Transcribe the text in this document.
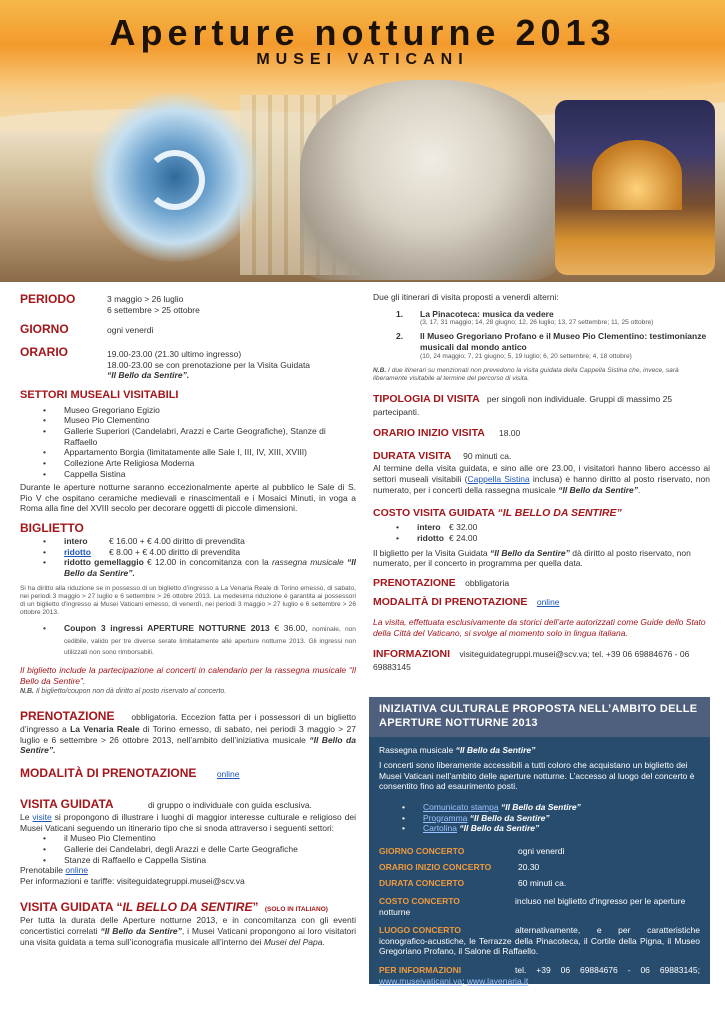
Aperture notturne 2013
MUSEI VATICANI
PERIODO	3 maggio > 26 luglio
6 settembre > 25 ottobre
GIORNO	ogni venerdì
ORARIO	19.00-23.00 (21.30 ultimo ingresso)
18.00-23.00 se con prenotazione per la Visita Guidata
“Il Bello da Sentire”.
SETTORI MUSEALI VISITABILI
• Museo Gregoriano Egizio
• Museo Pio Clementino
• Gallerie Superiori (Candelabri, Arazzi e Carte Geografiche), Stanze di Raffaello
• Appartamento Borgia (limitatamente alle Sale I, III, IV, XIII, XVIII)
• Collezione Arte Religiosa Moderna
• Cappella Sistina

Durante le aperture notturne saranno eccezionalmente aperte al pubblico le Sale di S. Pio V che ospitano ceramiche medievali e rinascimentali e i Mosaici Minuti, in voga a Roma alla fine del XVIII secolo per decorare oggetti di piccole dimensioni.

BIGLIETTO
• intero	€ 16.00 + € 4.00 diritto di prevendita
• ridotto € 8.00 + € 4.00 diritto di prevendita
• ridotto gemellaggio € 12.00 in concomitanza con la rassegna musicale “Il Bello da Sentire”.

Si ha diritto alla riduzione se in possesso di un biglietto d’ingresso a La Venaria Reale di Torino emesso, di sabato, nei periodi 3 maggio > 27 luglio e 6 settembre > 26 ottobre 2013. La medesima riduzione è garantita ai possessori di un biglietto d'ingresso ai Musei Vaticani emesso, di venerdì, nei periodi 3 maggio > 27 luglio e 6 settembre > 26 ottobre 2013.

• Coupon 3 ingressi APERTURE NOTTURNE 2013 € 36.00, nominale, non cedibile, valido per tre diverse serate limitatamente alle aperture notturne 2013. Gli ingressi non utilizzati non sono rimborsabili.

Il biglietto include la partecipazione ai concerti in calendario per la rassegna musicale “Il Bello da Sentire”.

N.B. Il biglietto/coupon non dà diritto al posto riservato al concerto.

PRENOTAZIONE obbligatoria. Eccezion fatta per i possessori di un biglietto d’ingresso a La Venaria Reale di Torino emesso, di sabato, nei periodi 3 maggio > 27 luglio e 6 settembre > 26 ottobre 2013, nell’ambito dell’iniziativa musicale “Il Bello da Sentire”.

MODALITÀ DI PRENOTAZIONE online
VISITA GUIDATA	di gruppo o individuale con guida esclusiva.

Le visite si propongono di illustrare i luoghi di maggior interesse culturale e religioso dei Musei Vaticani seguendo un itinerario tipo che si snoda attraverso i seguenti settori:

• il Museo Pio Clementino
• Gallerie dei Candelabri, degli Arazzi e delle Carte Geografiche
• Stanze di Raffaello e Cappella Sistina

Prenotabile online

Per informazioni e tariffe: visiteguidategruppi.musei@scv.va

VISITA GUIDATA “IL BELLO DA SENTIRE” (SOLO IN ITALIANO)

Per tutta la durata delle Aperture notturne 2013, e in concomitanza con gli eventi concertistici correlati “Il Bello da Sentire”, i Musei Vaticani propongono ai loro visitatori una visita guidata a tema sull’iconografia musicale all’interno dei Musei del Papa.

Due gli itinerari di visita proposti a venerdì alterni:

1. La Pinacoteca: musica da vedere
(3, 17, 31 maggio; 14, 28 giugno; 12, 26 luglio; 13, 27 settembre; 11, 25 ottobre)
2. Il Museo Gregoriano Profano e il Museo Pio Clementino: testimonianze musicali dal mondo antico
(10, 24 maggio; 7, 21 giugno; 5, 19 luglio; 6, 20 settembre; 4, 18 ottobre)

N.B. I due itinerari su menzionati non prevedono la visita guidata della Cappella Sistina che, invece, sarà liberamente visitabile al termine del percorso di visita.

TIPOLOGIA DI VISITA per singoli non individuale. Gruppi di massimo 25 partecipanti.

ORARIO INIZIO VISITA 18.00

DURATA VISITA 90 minuti ca.

Al termine della visita guidata, e sino alle ore 23.00, i visitatori hanno libero accesso ai settori museali visitabili (Cappella Sistina inclusa) e hanno diritto al posto riservato, non numerato, per i concerti della rassegna musicale “Il Bello da Sentire”.

COSTO VISITA GUIDATA “IL BELLO DA SENTIRE”
• intero € 32.00
• ridotto € 24.00

Il biglietto per la Visita Guidata “Il Bello da Sentire” dà diritto al posto riservato, non numerato, per il concerto in programma per quella data.

PRENOTAZIONE obbligatoria

MODALITÀ DI PRENOTAZIONE online

La visita, effettuata esclusivamente da storici dell’arte autorizzati come Guide dello Stato della Città del Vaticano, si svolge al momento solo in lingua italiana.

INFORMAZIONI visiteguidategruppi.musei@scv.va; tel. +39 06 69884676 - 06 69883145

INIZIATIVA CULTURALE PROPOSTA NELL’AMBITO DELLE APERTURE NOTTURNE 2013

Rassegna musicale “Il Bello da Sentire”

I concerti sono liberamente accessibili a tutti coloro che acquistano un biglietto dei Musei Vaticani nell’ambito delle aperture notturne. L’accesso al luogo del concerto è consentito fino ad esaurimento posti.

• Comunicato stampa “Il Bello da Sentire”
• Programma “Il Bello da Sentire”
• Cartolina “Il Bello da Sentire”
GIORNO CONCERTO	ogni venerdì
ORARIO INIZIO CONCERTO	20.30
DURATA CONCERTO	60 minuti ca.

COSTO CONCERTO	incluso nel biglietto d'ingresso per le aperture notturne

LUOGO CONCERTO	alternativamente, e per caratteristiche iconografico-acustiche, le Terrazze della Pinacoteca, il Cortile della Pigna, il Museo Gregoriano Profano, il Salone di Raffaello.

PER INFORMAZIONI	tel. +39 06 69884676 - 06 69883145; www.museivaticani.va; www.lavenaria.it
